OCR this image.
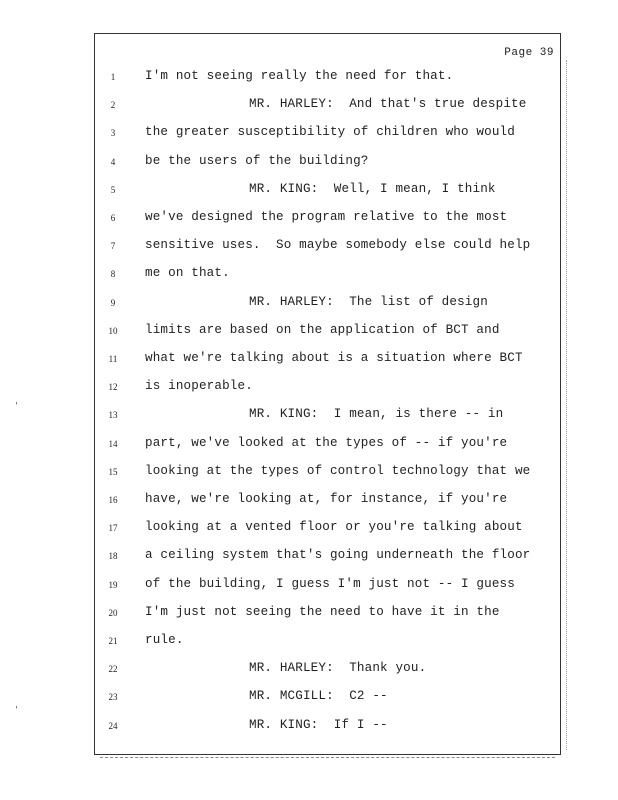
Page 39
1	I'm not seeing really the need for that.
2	MR. HARLEY:  And that's true despite
3	the greater susceptibility of children who would
4	be the users of the building?
5	MR. KING:  Well, I mean, I think
6	we've designed the program relative to the most
7	sensitive uses.  So maybe somebody else could help
8	me on that.
9	MR. HARLEY:  The list of design
10	limits are based on the application of BCT and
11	what we're talking about is a situation where BCT
12	is inoperable.
13	MR. KING:  I mean, is there -- in
14	part, we've looked at the types of -- if you're
15	looking at the types of control technology that we
16	have, we're looking at, for instance, if you're
17	looking at a vented floor or you're talking about
18	a ceiling system that's going underneath the floor
19	of the building, I guess I'm just not -- I guess
20	I'm just not seeing the need to have it in the
21	rule.
22	MR. HARLEY:  Thank you.
23	MR. MCGILL:  C2 --
24	MR. KING:  If I --
'
'
